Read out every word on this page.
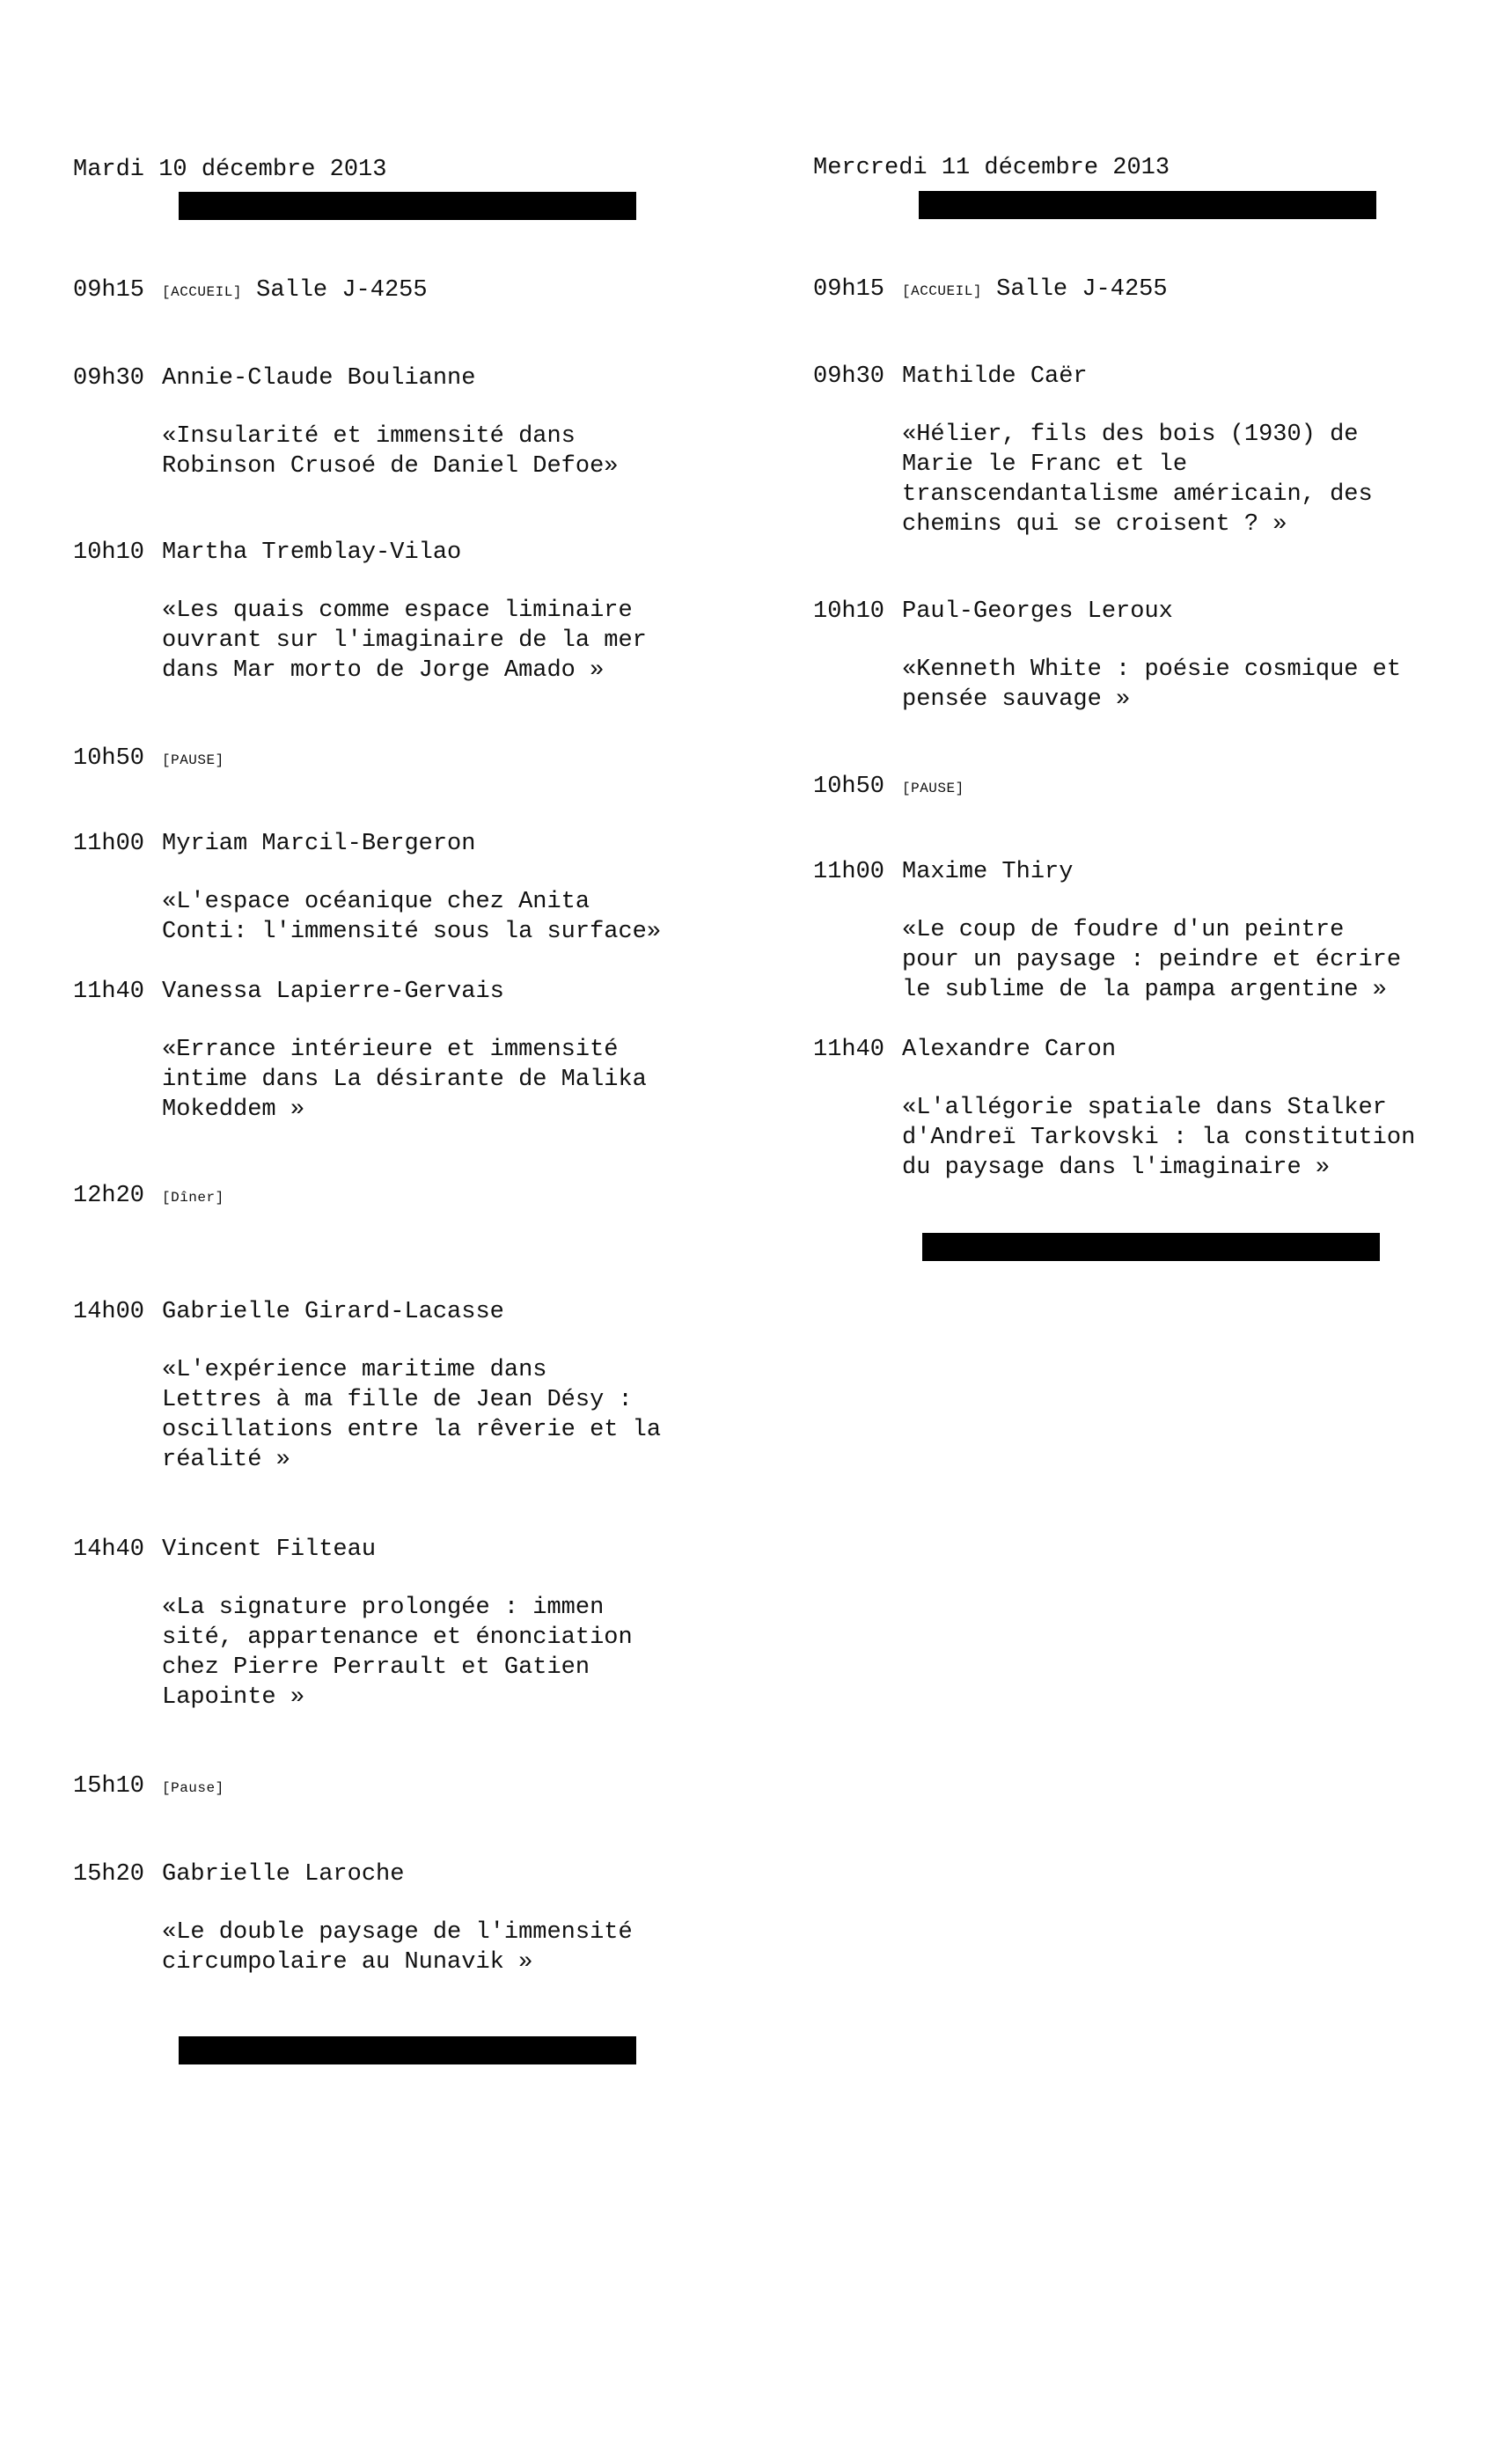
Mardi 10 décembre 2013
09h15 [ACCUEIL] Salle J-4255
09h30 Annie-Claude Boulianne
«Insularité et immensité dans
Robinson Crusoé de Daniel Defoe»
10h10 Martha Tremblay-Vilao
«Les quais comme espace liminaire
ouvrant sur l'imaginaire de la mer
dans Mar morto de Jorge Amado »
10h50 [PAUSE]
11h00 Myriam Marcil-Bergeron
«L'espace océanique chez Anita
Conti: l'immensité sous la surface»
11h40 Vanessa Lapierre-Gervais
«Errance intérieure et immensité
intime dans La désirante de Malika
Mokeddem »
12h20 [Dîner]
14h00 Gabrielle Girard-Lacasse
«L'expérience maritime dans
Lettres à ma fille de Jean Désy :
oscillations entre la rêverie et la
réalité »
14h40 Vincent Filteau
«La signature prolongée : immen
sité, appartenance et énonciation
chez Pierre Perrault et Gatien
Lapointe »
15h10 [Pause]
15h20 Gabrielle Laroche
«Le double paysage de l'immensité
circumpolaire au Nunavik »
Mercredi 11 décembre 2013
09h15 [ACCUEIL] Salle J-4255
09h30 Mathilde Caër
«Hélier, fils des bois (1930) de
Marie le Franc et le
transcendantalisme américain, des
chemins qui se croisent ? »
10h10 Paul-Georges Leroux
«Kenneth White : poésie cosmique et
pensée sauvage »
10h50 [PAUSE]
11h00 Maxime Thiry
«Le coup de foudre d'un peintre
pour un paysage : peindre et écrire
le sublime de la pampa argentine »
11h40 Alexandre Caron
«L'allégorie spatiale dans Stalker
d'Andreï Tarkovski : la constitution
du paysage dans l'imaginaire »
